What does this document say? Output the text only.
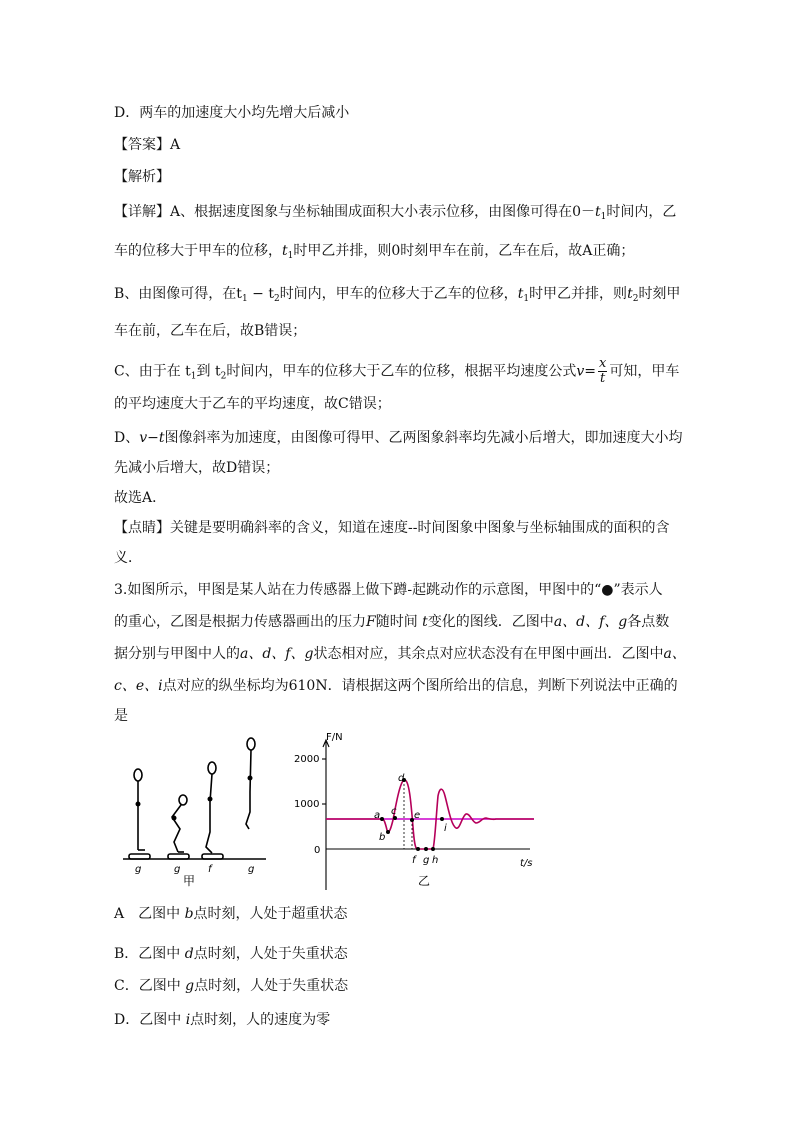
D．两车的加速度大小均先增大后减小
【答案】A
【解析】
【详解】A、根据速度图象与坐标轴围成面积大小表示位移，由图像可得在$0-t_1$时间内，乙
车的位移大于甲车的位移，$t_1$时甲乙并排，则0时刻甲车在前，乙车在后，故A正确；
B、由图像可得，在$t_1 - t_2$时间内，甲车的位移大于乙车的位移，$t_1$时甲乙并排，则$t_2$时刻甲
车在前，乙车在后，故B错误；
C、由于在 $t_1$到 $t_2$时间内，甲车的位移大于乙车的位移，根据平均速度公式$v= \frac{x}{t}$ 可知，甲车
的平均速度大于乙车的平均速度，故C错误；
D、v−t图像斜率为加速度，由图像可得甲、乙两图象斜率均先减小后增大，即加速度大小均
先减小后增大，故D错误；
故选A．
【点睛】关键是要明确斜率的含义，知道在速度--时间图象中图象与坐标轴围成的面积的含
义．
3.如图所示，甲图是某人站在力传感器上做下蹲-起跳动作的示意图，甲图中的“●”表示人
的重心，乙图是根据力传感器画出的压力F随时间 t变化的图线．乙图中a、d、f、g各点数
据分别与甲图中人的a、d、f、g状态相对应，其余点对应状态没有在甲图中画出．乙图中a、
c、e、i点对应的纵坐标均为610N．请根据这两个图所给出的信息，判断下列说法中正确的
是
g	g	f	g
甲
F/N
2000
1000
0
t/s
a
b
c
d
e
f g h
i
乙
A　乙图中 b点时刻，人处于超重状态
B．乙图中 d点时刻，人处于失重状态
C．乙图中 g点时刻，人处于失重状态
D．乙图中 i点时刻，人的速度为零
